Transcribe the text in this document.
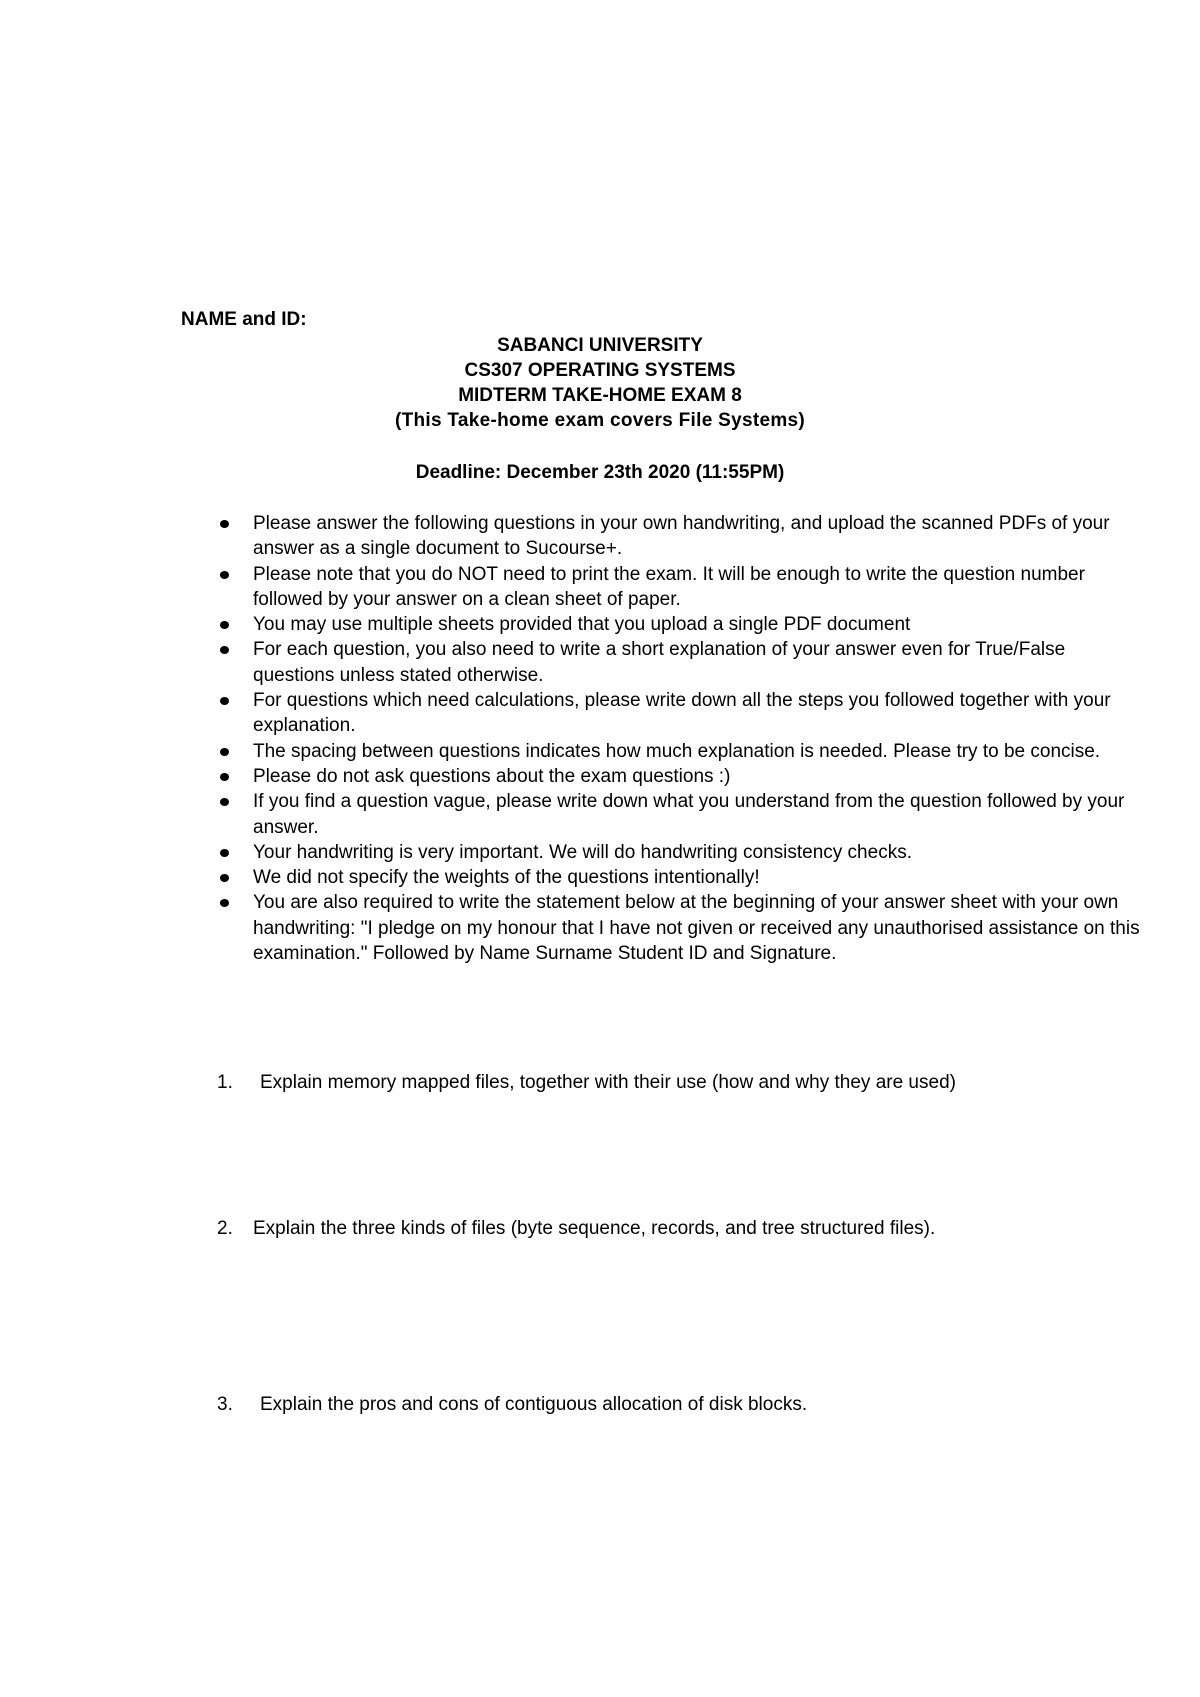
NAME and ID:
SABANCI UNIVERSITY
CS307 OPERATING SYSTEMS
MIDTERM TAKE-HOME EXAM 8
(This Take-home exam covers File Systems)
Deadline: December 23th 2020 (11:55PM)
Please answer the following questions in your own handwriting, and upload the scanned PDFs of your answer as a single document to Sucourse+.
Please note that you do NOT need to print the exam. It will be enough to write the question number followed by your answer on a clean sheet of paper.
You may use multiple sheets provided that you upload a single PDF document
For each question, you also need to write a short explanation of your answer even for True/False questions unless stated otherwise.
For questions which need calculations, please write down all the steps you followed together with your explanation.
The spacing between questions indicates how much explanation is needed. Please try to be concise.
Please do not ask questions about the exam questions :)
If you find a question vague, please write down what you understand from the question followed by your answer.
Your handwriting is very important. We will do handwriting consistency checks.
We did not specify the weights of the questions intentionally!
You are also required to write the statement below at the beginning of your answer sheet with your own handwriting: "I pledge on my honour that I have not given or received any unauthorised assistance on this examination." Followed by Name Surname Student ID and Signature.
1. Explain memory mapped files, together with their use (how and why they are used)
2. Explain the three kinds of files (byte sequence, records, and tree structured files).
3. Explain the pros and cons of contiguous allocation of disk blocks.
